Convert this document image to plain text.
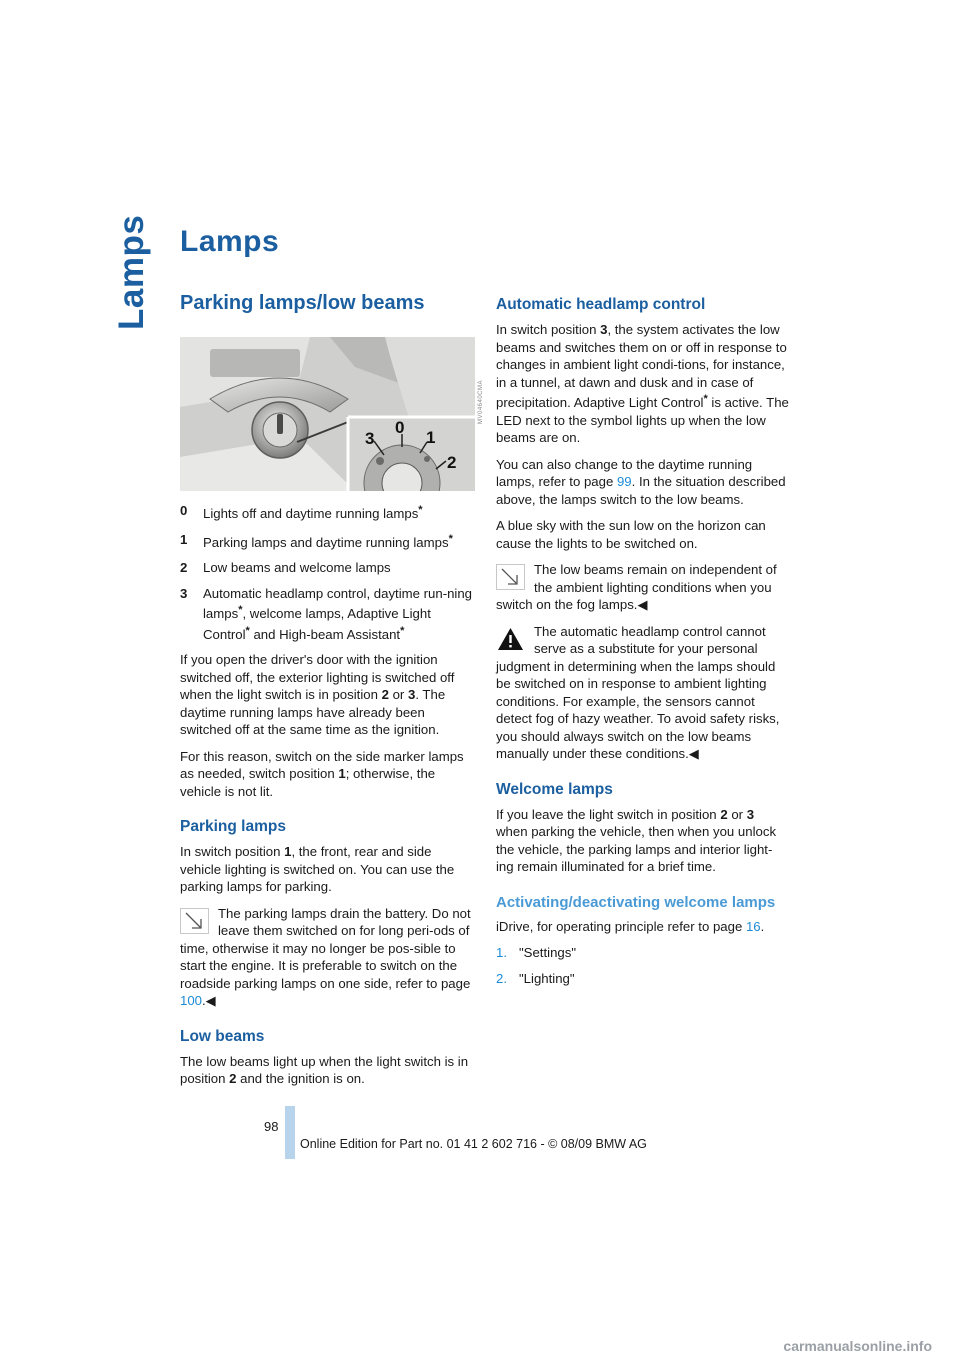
Lamps Lamps
Parking lamps/low beams
3
0
1
2
MV04640CMA
0	Lights off and daytime running lamps*
1	Parking lamps and daytime running lamps*
2	Low beams and welcome lamps
3	Automatic headlamp control, daytime run-ning lamps*, welcome lamps, Adaptive Light Control* and High-beam Assistant*

If you open the driver's door with the ignition switched off, the exterior lighting is switched off when the light switch is in position 2 or 3. The daytime running lamps have already been switched off at the same time as the ignition.

For this reason, switch on the side marker lamps as needed, switch position 1; otherwise, the vehicle is not lit.

Parking lamps

In switch position 1, the front, rear and side vehicle lighting is switched on. You can use the parking lamps for parking.

The parking lamps drain the battery. Do not leave them switched on for long peri-ods of time, otherwise it may no longer be pos-sible to start the engine. It is preferable to switch on the roadside parking lamps on one side, refer to page 100.◀
Low beams

The low beams light up when the light switch is in position 2 and the ignition is on.

Automatic headlamp control

In switch position 3, the system activates the low beams and switches them on or off in response to changes in ambient light condi-tions, for instance, in a tunnel, at dawn and dusk and in case of precipitation. Adaptive Light Control* is active. The LED next to the symbol lights up when the low beams are on.

You can also change to the daytime running lamps, refer to page 99. In the situation described above, the lamps switch to the low beams.

A blue sky with the sun low on the horizon can cause the lights to be switched on.

The low beams remain on independent of the ambient lighting conditions when you switch on the fog lamps.◀
The automatic headlamp control cannot serve as a substitute for your personal judgment in determining when the lamps should be switched on in response to ambient lighting conditions. For example, the sensors cannot detect fog of hazy weather. To avoid safety risks, you should always switch on the low beams manually under these conditions.◀
Welcome lamps

If you leave the light switch in position 2 or 3 when parking the vehicle, then when you unlock the vehicle, the parking lamps and interior light-ing remain illuminated for a brief time.

Activating/deactivating welcome lamps

iDrive, for operating principle refer to page 16.

1. "Settings"
2. "Lighting"
98
Online Edition for Part no. 01 41 2 602 716 - © 08/09 BMW AG
carmanualsonline.info
